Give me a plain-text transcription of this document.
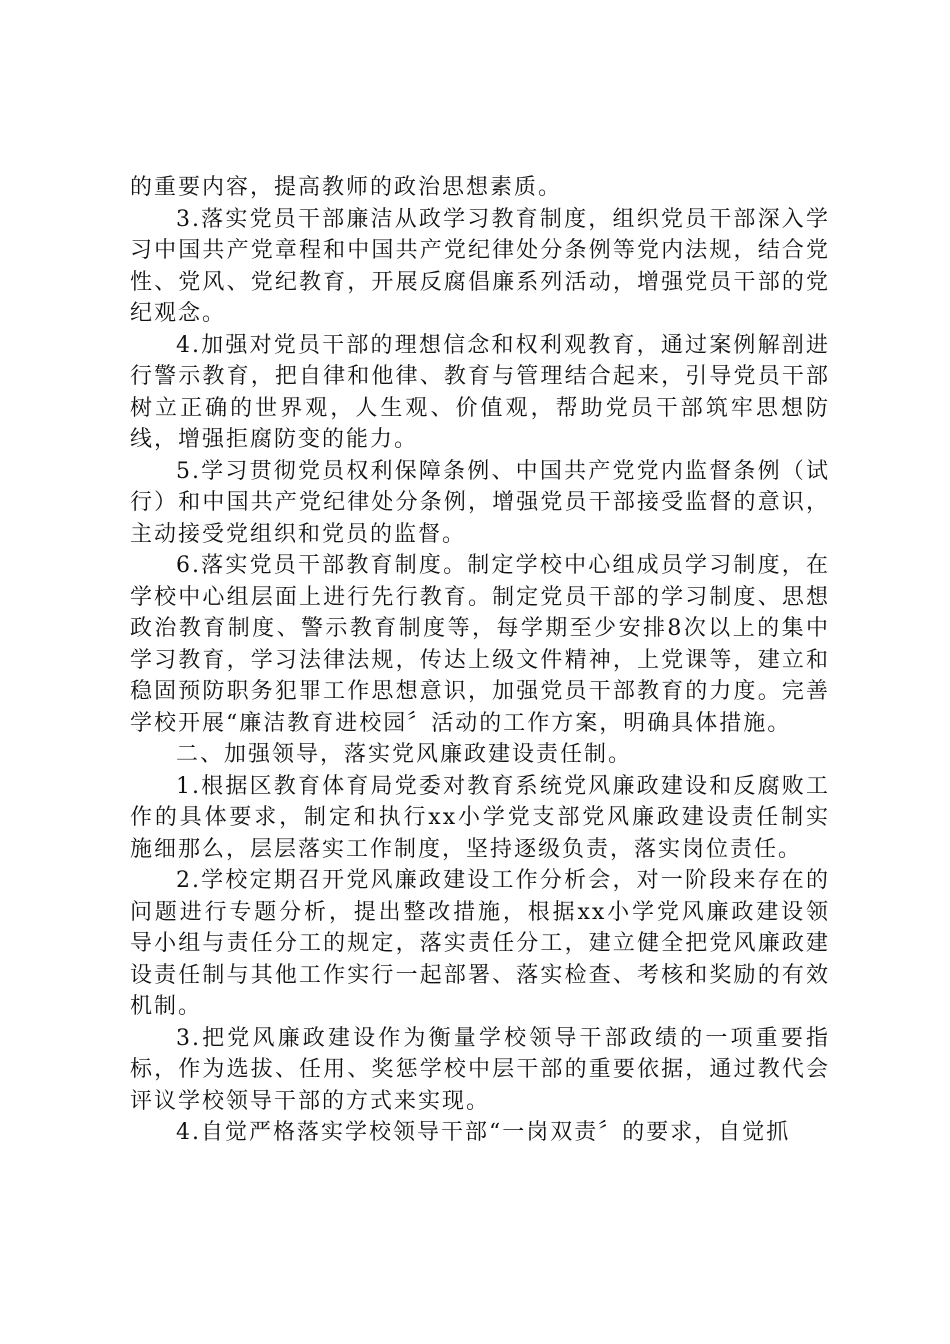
的重要内容，提高教师的政治思想素质。

3.落实党员干部廉洁从政学习教育制度，组织党员干部深入学习中国共产党章程和中国共产党纪律处分条例等党内法规，结合党性、党风、党纪教育，开展反腐倡廉系列活动，增强党员干部的党纪观念。

4.加强对党员干部的理想信念和权利观教育，通过案例解剖进行警示教育，把自律和他律、教育与管理结合起来，引导党员干部树立正确的世界观，人生观、价值观，帮助党员干部筑牢思想防线，增强拒腐防变的能力。

5.学习贯彻党员权利保障条例、中国共产党党内监督条例（试行）和中国共产党纪律处分条例，增强党员干部接受监督的意识，主动接受党组织和党员的监督。

6.落实党员干部教育制度。制定学校中心组成员学习制度，在学校中心组层面上进行先行教育。制定党员干部的学习制度、思想政治教育制度、警示教育制度等，每学期至少安排8次以上的集中学习教育，学习法律法规，传达上级文件精神，上党课等，建立和稳固预防职务犯罪工作思想意识，加强党员干部教育的力度。完善学校开展“廉洁教育进校园〞活动的工作方案，明确具体措施。

二、加强领导，落实党风廉政建设责任制。

1.根据区教育体育局党委对教育系统党风廉政建设和反腐败工作的具体要求，制定和执行xx小学党支部党风廉政建设责任制实施细那么，层层落实工作制度，坚持逐级负责，落实岗位责任。

2.学校定期召开党风廉政建设工作分析会，对一阶段来存在的问题进行专题分析，提出整改措施，根据xx小学党风廉政建设领导小组与责任分工的规定，落实责任分工，建立健全把党风廉政建设责任制与其他工作实行一起部署、落实检查、考核和奖励的有效机制。

3.把党风廉政建设作为衡量学校领导干部政绩的一项重要指标，作为选拔、任用、奖惩学校中层干部的重要依据，通过教代会评议学校领导干部的方式来实现。

4.自觉严格落实学校领导干部“一岗双责〞的要求，自觉抓
